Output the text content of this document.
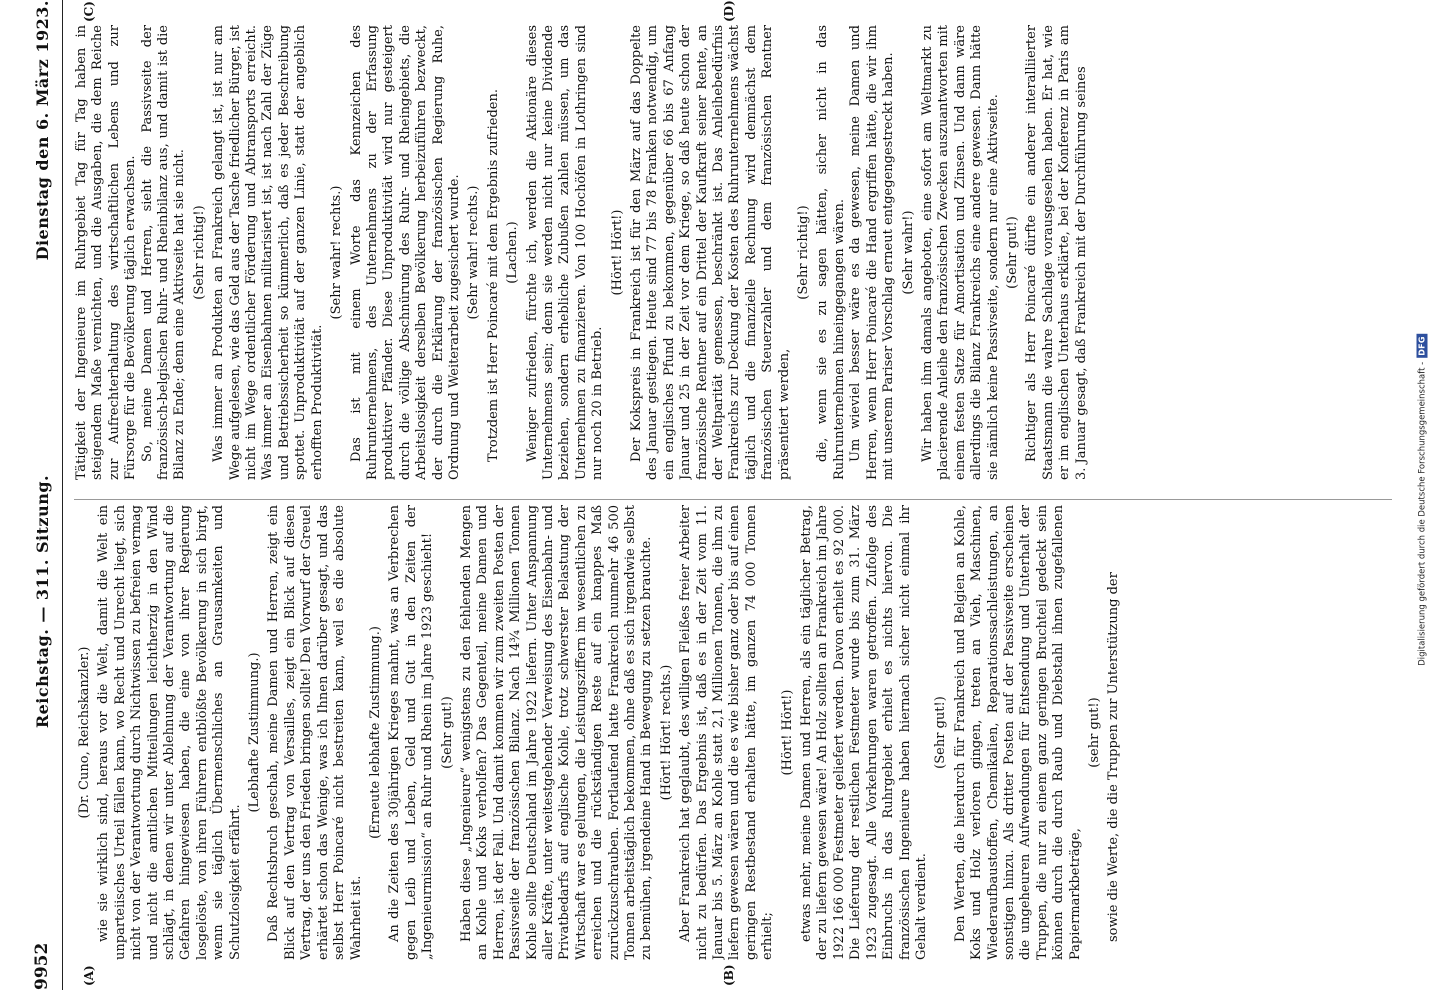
9952
Reichstag. — 311. Sitzung.
Dienstag den 6. März 1923.

(Dr. Cuno, Reichskanzler.) wie sie wirklich sind, heraus vor die Welt, damit die Welt ein unparteiisches Urteil fällen kann, wo Recht und Unrecht liegt, sich nicht von der Verantwortung durch Nichtwissen zu befreien vermag und nicht die amtlichen Mitteilungen leichtherzig in den Wind schlägt, in denen wir unter Ablehnung der Verantwortung auf die Gefahren hingewiesen haben, die eine von ihrer Regierung losgelöste, von ihren Führern entblößte Bevölkerung in sich birgt, wenn sie täglich Übermenschliches an Grausamkeiten und Schutzlosigkeit erfährt.

(Lebhafte Zustimmung.) Daß Rechtsbruch geschah, meine Damen und Herren, zeigt ein Blick auf den Vertrag von Versailles, zeigt ein Blick auf diesen Vertrag, der uns den Frieden bringen sollte! Den Vorwurf der Greuel erhärtet schon das Wenige, was ich Ihnen darüber gesagt, und das selbst Herr Poincaré nicht bestreiten kann, weil es die absolute Wahrheit ist.

(Erneute lebhafte Zustimmung.) An die Zeiten des 30jährigen Krieges mahnt, was an Verbrechen gegen Leib und Leben, Geld und Gut in den Zeiten der „Ingenieurmission“ an Ruhr und Rhein im Jahre 1923 geschieht! (Sehr gut!) Haben diese „Ingenieure“ wenigstens zu den fehlenden Mengen an Kohle und Koks verholfen? Das Gegenteil, meine Damen und Herren, ist der Fall. Und damit kommen wir zum zweiten Posten der Passivseite der französischen Bilanz. Nach 14¾ Millionen Tonnen Kohle sollte Deutschland im Jahre 1922 liefern. Unter Anspannung aller Kräfte, unter weitestgehender Verweisung des Eisenbahn- und Privatbedarfs auf englische Kohle, trotz schwerster Belastung der Wirtschaft war es gelungen, die Leistungsziffern im wesentlichen zu erreichen und die rückständigen Reste auf ein knappes Maß zurückzuschrauben. Fortlaufend hatte Frankreich nunmehr 46 500 Tonnen arbeitstäglich bekommen, ohne daß es sich irgendwie selbst zu bemühen, irgendeine Hand in Bewegung zu setzen brauchte. (Hört! Hört! rechts.) Aber Frankreich hat geglaubt, des willigen Fleißes freier Arbeiter nicht zu bedürfen. Das Ergebnis ist, daß es in der Zeit vom 11. Januar bis 5. März an Kohle statt 2,1 Millionen Tonnen, die ihm zu liefern gewesen wären und die es wie bisher ganz oder bis auf einen geringen Restbestand erhalten hätte, im ganzen 74 000 Tonnen erhielt;

(Hört! Hört!) etwas mehr, meine Damen und Herren, als ein täglicher Betrag, der zu liefern gewesen wäre! An Holz sollten an Frankreich im Jahre 1922 166 000 Festmeter geliefert werden. Davon erhielt es 92 000. Die Lieferung der restlichen Festmeter wurde bis zum 31. März 1923 zugesagt. Alle Vorkehrungen waren getroffen. Zufolge des Einbruchs in das Ruhrgebiet erhielt es nichts hiervon. Die französischen Ingenieure haben hiernach sicher nicht einmal ihr Gehalt verdient.

(Sehr gut!) Den Werten, die hierdurch für Frankreich und Belgien an Kohle, Koks und Holz verloren gingen, treten an Vieh, Maschinen, Wiederaufbaustoffen, Chemikalien, Reparationssachleistungen, an sonstigen hinzu. Als dritter Posten auf der Passivseite erscheinen die ungeheuren Aufwendungen für Entsendung und Unterhalt der Truppen, die nur zu einem ganz geringen Bruchteil gedeckt sein können durch die durch Raub und Diebstahl ihnen zugefallenen Papiermarkbeträge,

(sehr gut!) sowie die Werte, die die Truppen zur Unterstützung der

Tätigkeit der Ingenieure im Ruhrgebiet Tag für Tag haben in steigendem Maße vernichten, und die Ausgaben, die dem Reiche zur Aufrechterhaltung des wirtschaftlichen Lebens und zur Fürsorge für die Bevölkerung täglich erwachsen. So, meine Damen und Herren, sieht die Passivseite der französisch-belgischen Ruhr- und Rheinbilanz aus, und damit ist die Bilanz zu Ende; denn eine Aktivseite hat sie nicht. (Sehr richtig!) Was immer an Produkten an Frankreich gelangt ist, ist nur am Wege aufgelesen, wie das Geld aus der Tasche friedlicher Bürger, ist nicht im Wege ordentlicher Förderung und Abtransports erreicht. Was immer an Eisenbahnen militarisiert ist, ist nach Zahl der Züge und Betriebssicherheit so kümmerlich, daß es jeder Beschreibung spottet. Unproduktivität auf der ganzen Linie, statt der angeblich erhofften Produktivität.

(Sehr wahr! rechts.) Das ist mit einem Worte das Kennzeichen des Ruhrunternehmens, des Unternehmens zu der Erfassung produktiver Pfänder. Diese Unproduktivität wird nur gesteigert durch die völlige Abschnürung des Ruhr- und Rheingebiets, die Arbeitslosigkeit derselben Bevölkerung herbeizuführen bezweckt, der durch die Erklärung der französischen Regierung Ruhe, Ordnung und Weiterarbeit zugesichert wurde. (Sehr wahr! rechts.) Trotzdem ist Herr Poincaré mit dem Ergebnis zufrieden. (Lachen.) Weniger zufrieden, fürchte ich, werden die Aktionäre dieses Unternehmens sein; denn sie werden nicht nur keine Dividende beziehen, sondern erhebliche Zubußen zahlen müssen, um das Unternehmen zu finanzieren. Von 100 Hochöfen in Lothringen sind nur noch 20 in Betrieb.

(Hört! Hört!) Der Kokspreis in Frankreich ist für den März auf das Doppelte des Januar gestiegen. Heute sind 77 bis 78 Franken notwendig, um ein englisches Pfund zu bekommen, gegenüber 66 bis 67 Anfang Januar und 25 in der Zeit vor dem Kriege, so daß heute schon der französische Rentner auf ein Drittel der Kaufkraft seiner Rente, an der Weltparität gemessen, beschränkt ist. Das Anleihebedürfnis Frankreichs zur Deckung der Kosten des Ruhrunternehmens wächst täglich und die finanzielle Rechnung wird demnächst dem französischen Steuerzahler und dem französischen Rentner präsentiert werden,

(Sehr richtig!) die, wenn sie es zu sagen hätten, sicher nicht in das Ruhrunternehmen hineingegangen wären. Um wieviel besser wäre es da gewesen, meine Damen und Herren, wenn Herr Poincaré die Hand ergriffen hätte, die wir ihm mit unserem Pariser Vorschlag erneut entgegengestreckt haben. (Sehr wahr!) Wir haben ihm damals angeboten, eine sofort am Weltmarkt zu placierende Anleihe den französischen Zwecken auszuantworten mit einem festen Satze für Amortisation und Zinsen. Und dann wäre allerdings die Bilanz Frankreichs eine andere gewesen. Dann hätte sie nämlich keine Passivseite, sondern nur eine Aktivseite. (Sehr gut!) Richtiger als Herr Poincaré dürfte ein anderer interalliierter Staatsmann die wahre Sachlage vorausgesehen haben. Er hat, wie er im englischen Unterhaus erklärte, bei der Konferenz in Paris am 3. Januar gesagt, daß Frankreich mit der Durchführung seines

(A)	(B)
(C)	(D)
Digitalisierung gefördert durch die Deutsche Forschungsgemeinschaft -
DFG
